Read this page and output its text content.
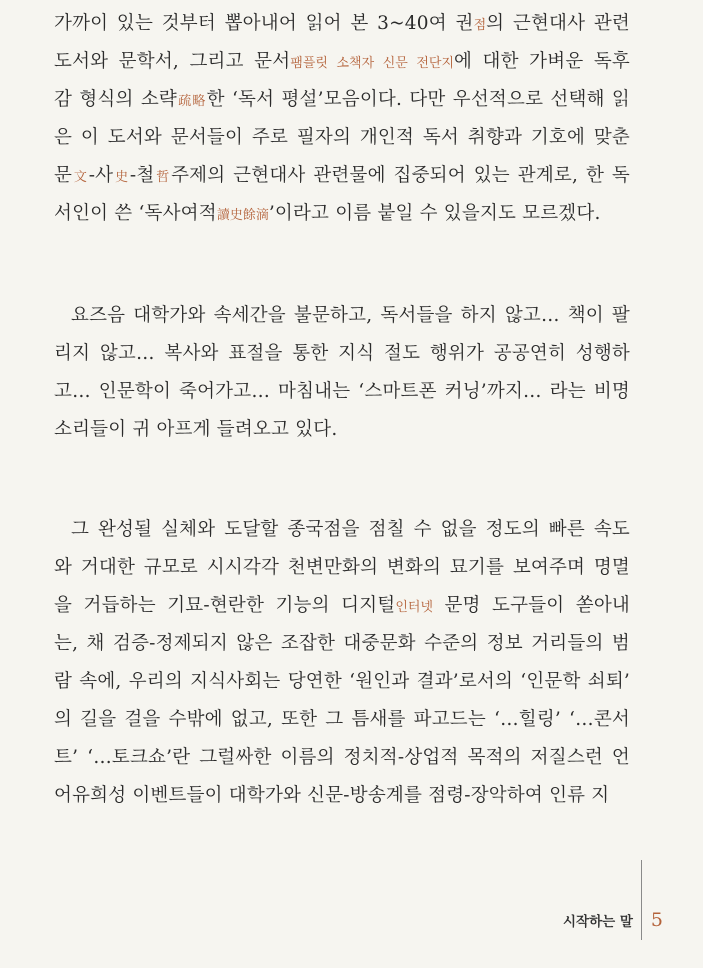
가까이 있는 것부터 뽑아내어 읽어 본 3~40여 권점의 근현대사 관련
도서와 문학서, 그리고 문서팸플릿 소책자 신문 전단지에 대한 가벼운 독후
감 형식의 소략疏略한 ‘독서 평설’모음이다. 다만 우선적으로 선택해 읽
은 이 도서와 문서들이 주로 필자의 개인적 독서 취향과 기호에 맞춘
문文-사史-철哲주제의 근현대사 관련물에 집중되어 있는 관계로, 한 독
서인이 쓴 ‘독사여적讀史餘滴’이라고 이름 붙일 수 있을지도 모르겠다.
요즈음 대학가와 속세간을 불문하고, 독서들을 하지 않고… 책이 팔
리지 않고… 복사와 표절을 통한 지식 절도 행위가 공공연히 성행하
고… 인문학이 죽어가고… 마침내는 ‘스마트폰 커닝’까지… 라는 비명
소리들이 귀 아프게 들려오고 있다.
그 완성될 실체와 도달할 종국점을 점칠 수 없을 정도의 빠른 속도
와 거대한 규모로 시시각각 천변만화의 변화의 묘기를 보여주며 명멸
을 거듭하는 기묘-현란한 기능의 디지털인터넷 문명 도구들이 쏟아내
는, 채 검증-정제되지 않은 조잡한 대중문화 수준의 정보 거리들의 범
람 속에, 우리의 지식사회는 당연한 ‘원인과 결과’로서의 ‘인문학 쇠퇴’
의 길을 걸을 수밖에 없고, 또한 그 틈새를 파고드는 ‘…힐링’ ‘…콘서
트’ ‘…토크쇼’란 그럴싸한 이름의 정치적-상업적 목적의 저질스런 언
어유희성 이벤트들이 대학가와 신문-방송계를 점령-장악하여 인류 지
시작하는 말 5
